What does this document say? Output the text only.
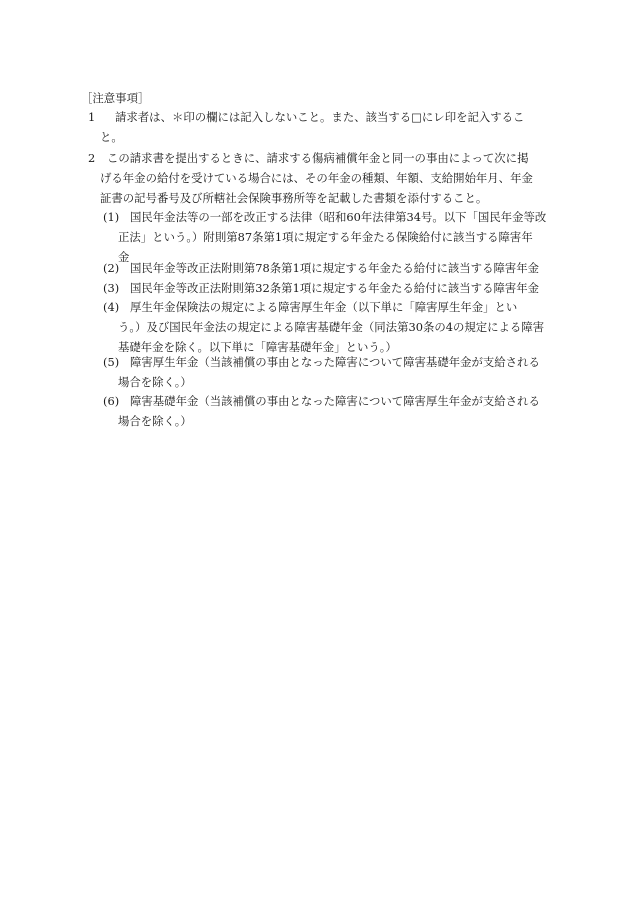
［注意事項］
1 請求者は、＊印の欄には記入しないこと。また、該当する□にレ印を記入するこ
と。
2 この請求書を提出するときに、請求する傷病補償年金と同一の事由によって次に掲
げる年金の給付を受けている場合には、その年金の種類、年額、支給開始年月、年金
証書の記号番号及び所轄社会保険事務所等を記載した書類を添付すること。
(1) 国民年金法等の一部を改正する法律（昭和60年法律第34号。以下「国民年金等改
正法」という。）附則第87条第1項に規定する年金たる保険給付に該当する障害年
金
(2) 国民年金等改正法附則第78条第1項に規定する年金たる給付に該当する障害年金
(3) 国民年金等改正法附則第32条第1項に規定する年金たる給付に該当する障害年金
(4) 厚生年金保険法の規定による障害厚生年金（以下単に「障害厚生年金」とい
う。）及び国民年金法の規定による障害基礎年金（同法第30条の4の規定による障害
基礎年金を除く。以下単に「障害基礎年金」という。）
(5) 障害厚生年金（当該補償の事由となった障害について障害基礎年金が支給される
場合を除く。）
(6) 障害基礎年金（当該補償の事由となった障害について障害厚生年金が支給される
場合を除く。）
